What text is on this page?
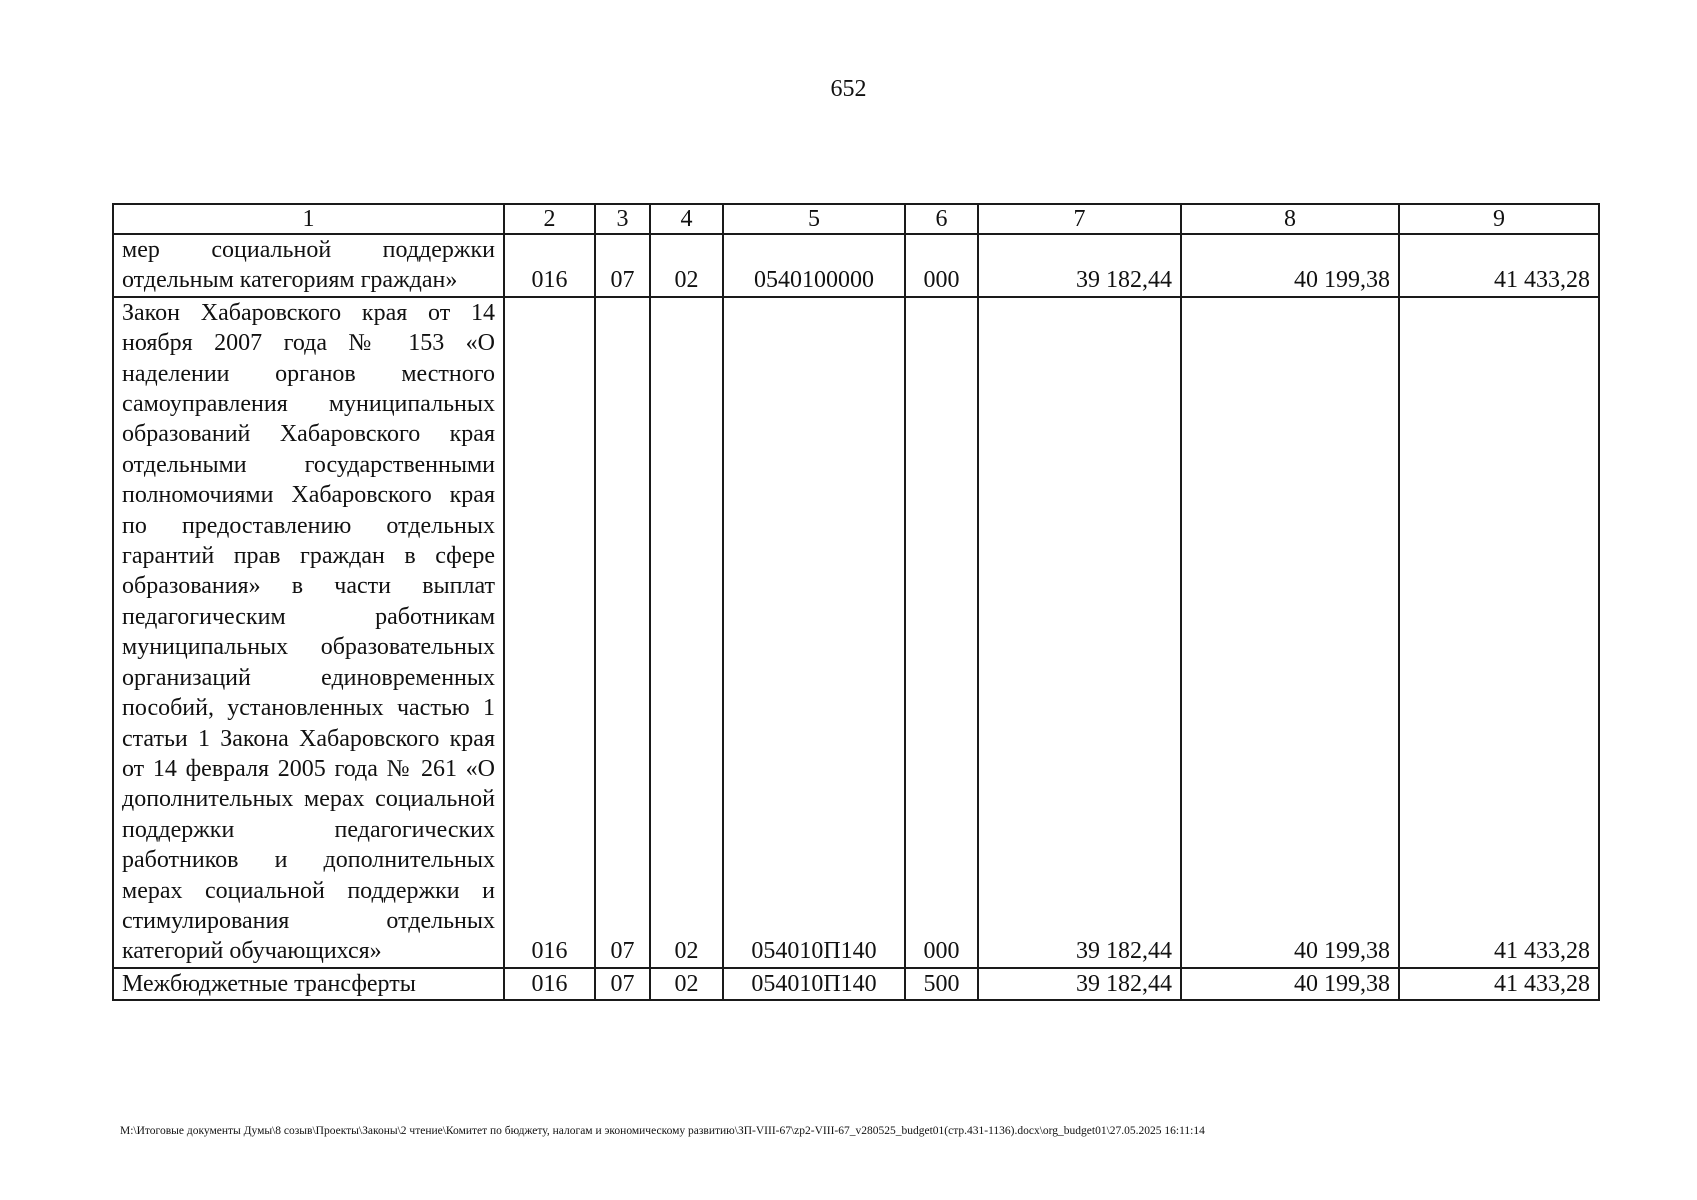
652
1	2	3	4	5	6	7	8	9
мер социальной поддержки отдельным категориям граждан»	016	07	02	0540100000	000	39 182,44	40 199,38	41 433,28
Закон Хабаровского края от 14 ноября 2007 года № 153 «О наделении органов местного самоуправления муниципальных образований Хабаровского края отдельными государственными полномочиями Хабаровского края по предоставлению отдельных гарантий прав граждан в сфере образования» в части выплат педагогическим работникам муниципальных образовательных организаций единовременных пособий, установленных частью 1 статьи 1 Закона Хабаровского края от 14 февраля 2005 года № 261 «О дополнительных мерах социальной поддержки педагогических работников и дополнительных мерах социальной поддержки и стимулирования отдельных категорий обучающихся»	016	07	02	054010П140	000	39 182,44	40 199,38	41 433,28
Межбюджетные трансферты	016	07	02	054010П140	500	39 182,44	40 199,38	41 433,28
M:\Итоговые документы Думы\8 созыв\Проекты\Законы\2 чтение\Комитет по бюджету, налогам и экономическому развитию\ЗП-VIII-67\zp2-VIII-67_v280525_budget01(стр.431-1136).docx\org_budget01\27.05.2025 16:11:14
